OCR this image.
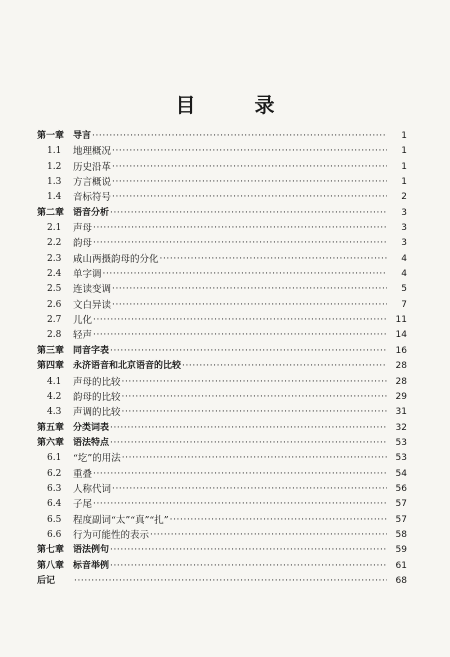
目 录
第一章 导言 ·····	1
1.1	地理概况 ·····	1
1.2	历史沿革 ·····	1
1.3	方言概说 ·····	1
1.4	音标符号 ·····	2
第二章 语音分析 ·····	3
2.1	声母 ·····	3
2.2	韵母 ·····	3
2.3	咸山两摄韵母的分化 ·····	4
2.4	单字调 ·····	4
2.5	连读变调 ·····	5
2.6	文白异读 ·····	7
2.7	儿化 ·····	11
2.8	轻声 ·····	14
第三章 同音字表 ·····	16
第四章 永济语音和北京语音的比较 ·····	28
4.1	声母的比较 ·····	28
4.2	韵母的比较 ·····	29
4.3	声调的比较 ·····	31
第五章 分类词表 ·····	32
第六章 语法特点 ·····	53
6.1	“圪”的用法 ·····	53
6.2	重叠 ·····	54
6.3	人称代词 ·····	56
6.4	子尾 ·····	57
6.5	程度副词“太”“真”“扎” ·····	57
6.6	行为可能性的表示 ·····	58
第七章 语法例句 ·····	59
第八章 标音举例 ·····	61
后记 ·····	68
